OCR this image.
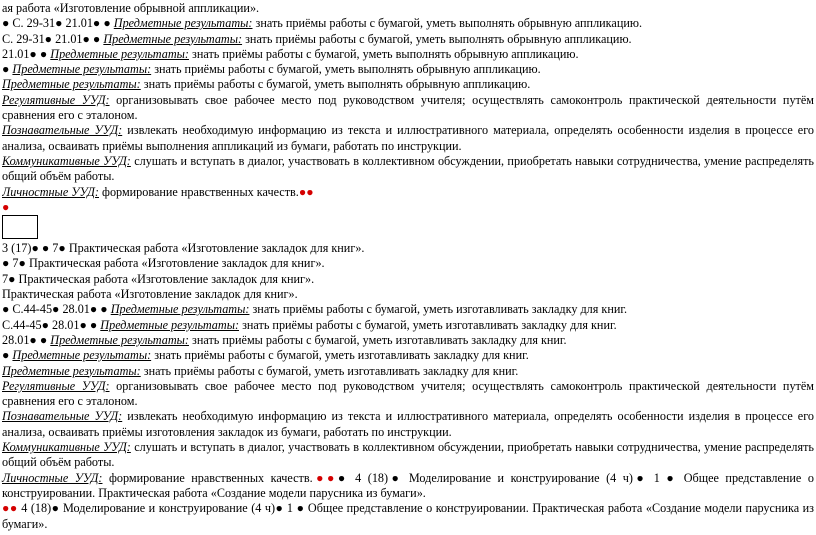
ая работа «Изготовление обрывной аппликации».
● С. 29-31● 21.01● ● Предметные результаты: знать приёмы работы с бумагой, уметь выполнять обрывную аппликацию.
С. 29-31● 21.01● ● Предметные результаты: знать приёмы работы с бумагой, уметь выполнять обрывную аппликацию.
21.01● ● Предметные результаты: знать приёмы работы с бумагой, уметь выполнять обрывную аппликацию.
● Предметные результаты: знать приёмы работы с бумагой, уметь выполнять обрывную аппликацию.
Предметные результаты: знать приёмы работы с бумагой, уметь выполнять обрывную аппликацию.
Регулятивные УУД: организовывать свое рабочее место под руководством учителя; осуществлять самоконтроль практической деятельности путём сравнения его с эталоном.
Познавательные УУД: извлекать необходимую информацию из текста и иллюстративного материала, определять особенности изделия в процессе его анализа, осваивать приёмы выполнения аппликаций из бумаги, работать по инструкции.
Коммуникативные УУД: слушать и вступать в диалог, участвовать в коллективном обсуждении, приобретать навыки сотрудничества, умение распределять общий объём работы.
Личностные УУД: формирование нравственных качеств.●●
●
3 (17)● ● 7● Практическая работа «Изготовление закладок для книг».
● 7● Практическая работа «Изготовление закладок для книг».
7● Практическая работа «Изготовление закладок для книг».
Практическая работа «Изготовление закладок для книг».
● С.44-45● 28.01● ● Предметные результаты: знать приёмы работы с бумагой, уметь изготавливать закладку для книг.
С.44-45● 28.01● ● Предметные результаты: знать приёмы работы с бумагой, уметь изготавливать закладку для книг.
28.01● ● Предметные результаты: знать приёмы работы с бумагой, уметь изготавливать закладку для книг.
● Предметные результаты: знать приёмы работы с бумагой, уметь изготавливать закладку для книг.
Предметные результаты: знать приёмы работы с бумагой, уметь изготавливать закладку для книг.
Регулятивные УУД: организовывать свое рабочее место под руководством учителя; осуществлять самоконтроль практической деятельности путём сравнения его с эталоном.
Познавательные УУД: извлекать необходимую информацию из текста и иллюстративного материала, определять особенности изделия в процессе его анализа, осваивать приёмы изготовления закладок из бумаги, работать по инструкции.
Коммуникативные УУД: слушать и вступать в диалог, участвовать в коллективном обсуждении, приобретать навыки сотрудничества, умение распределять общий объём работы.
Личностные УУД: формирование нравственных качеств.●●● 4 (18)● Моделирование и конструирование (4 ч)● 1 ● Общее представление о конструировании. Практическая работа «Создание модели парусника из бумаги».
●● 4 (18)● Моделирование и конструирование (4 ч)● 1 ● Общее представление о конструировании. Практическая работа «Создание модели парусника из бумаги».
